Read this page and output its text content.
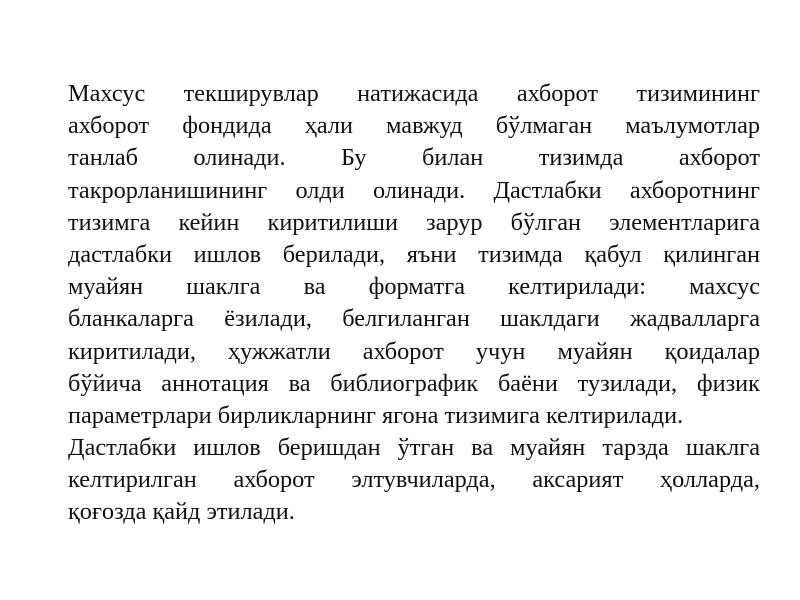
Махсус текширувлар натижасида ахборот тизимининг
ахборот фондида ҳали мавжуд бўлмаган маълумотлар
танлаб олинади. Бу билан тизимда ахборот
такрорланишининг олди олинади. Дастлабки ахборотнинг
тизимга кейин киритилиши зарур бўлган элементларига
дастлабки ишлов берилади, яъни тизимда қабул қилинган
муайян шаклга ва форматга келтирилади: махсус
бланкаларга ёзилади, белгиланган шаклдаги жадвалларга
киритилади, ҳужжатли ахборот учун муайян қоидалар
бўйича аннотация ва библиографик баёни тузилади, физик
параметрлари бирликларнинг ягона тизимига келтирилади.
Дастлабки ишлов беришдан ўтган ва муайян тарзда шаклга
келтирилган ахборот элтувчиларда, аксарият ҳолларда,
қоғозда қайд этилади.
